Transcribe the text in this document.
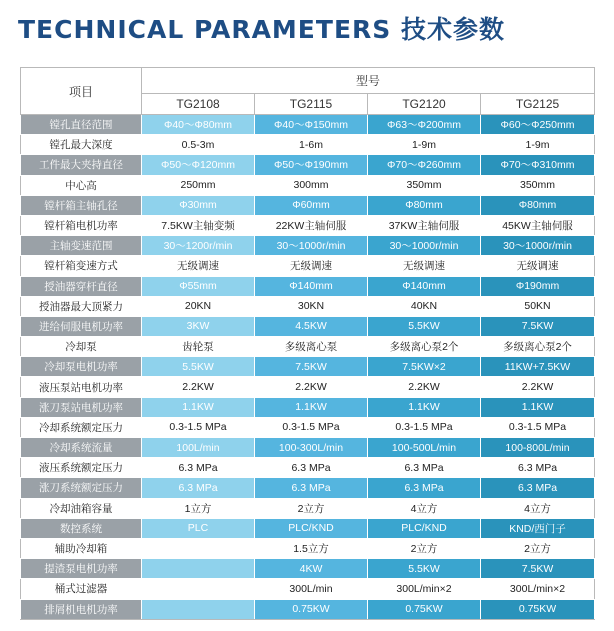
TECHNICAL PARAMETERS 技术参数
项目	型号			
	TG2108	TG2115	TG2120	TG2125
镗孔直径范围	Φ40～Φ80mm	Φ40～Φ150mm	Φ63～Φ200mm	Φ60～Φ250mm
镗孔最大深度	0.5-3m	1-6m	1-9m	1-9m
工件最大夹持直径	Φ50～Φ120mm	Φ50～Φ190mm	Φ70～Φ260mm	Φ70～Φ310mm
中心高	250mm	300mm	350mm	350mm
镗杆箱主轴孔径	Φ30mm	Φ60mm	Φ80mm	Φ80mm
镗杆箱电机功率	7.5KW主轴变频	22KW主轴伺服	37KW主轴伺服	45KW主轴伺服
主轴变速范围	30～1200r/min	30～1000r/min	30～1000r/min	30～1000r/min
镗杆箱变速方式	无级调速	无级调速	无级调速	无级调速
授油器穿杆直径	Φ55mm	Φ140mm	Φ140mm	Φ190mm
授油器最大顶紧力	20KN	30KN	40KN	50KN
进给伺服电机功率	3KW	4.5KW	5.5KW	7.5KW
冷却泵	齿轮泵	多级离心泵	多级离心泵2个	多级离心泵2个
冷却泵电机功率	5.5KW	7.5KW	7.5KW×2	11KW+7.5KW
液压泵站电机功率	2.2KW	2.2KW	2.2KW	2.2KW
涨刀泵站电机功率	1.1KW	1.1KW	1.1KW	1.1KW
冷却系统额定压力	0.3-1.5 MPa	0.3-1.5 MPa	0.3-1.5 MPa	0.3-1.5 MPa
冷却系统流量	100L/min	100-300L/min	100-500L/min	100-800L/min
液压系统额定压力	6.3 MPa	6.3 MPa	6.3 MPa	6.3 MPa
涨刀系统额定压力	6.3 MPa	6.3 MPa	6.3 MPa	6.3 MPa
冷却油箱容量	1立方	2立方	4立方	4立方
数控系统	PLC	PLC/KND	PLC/KND	KND/西门子
辅助冷却箱		1.5立方	2立方	2立方
提渣泵电机功率		4KW	5.5KW	7.5KW
桶式过滤器		300L/min	300L/min×2	300L/min×2
排屑机电机功率		0.75KW	0.75KW	0.75KW
